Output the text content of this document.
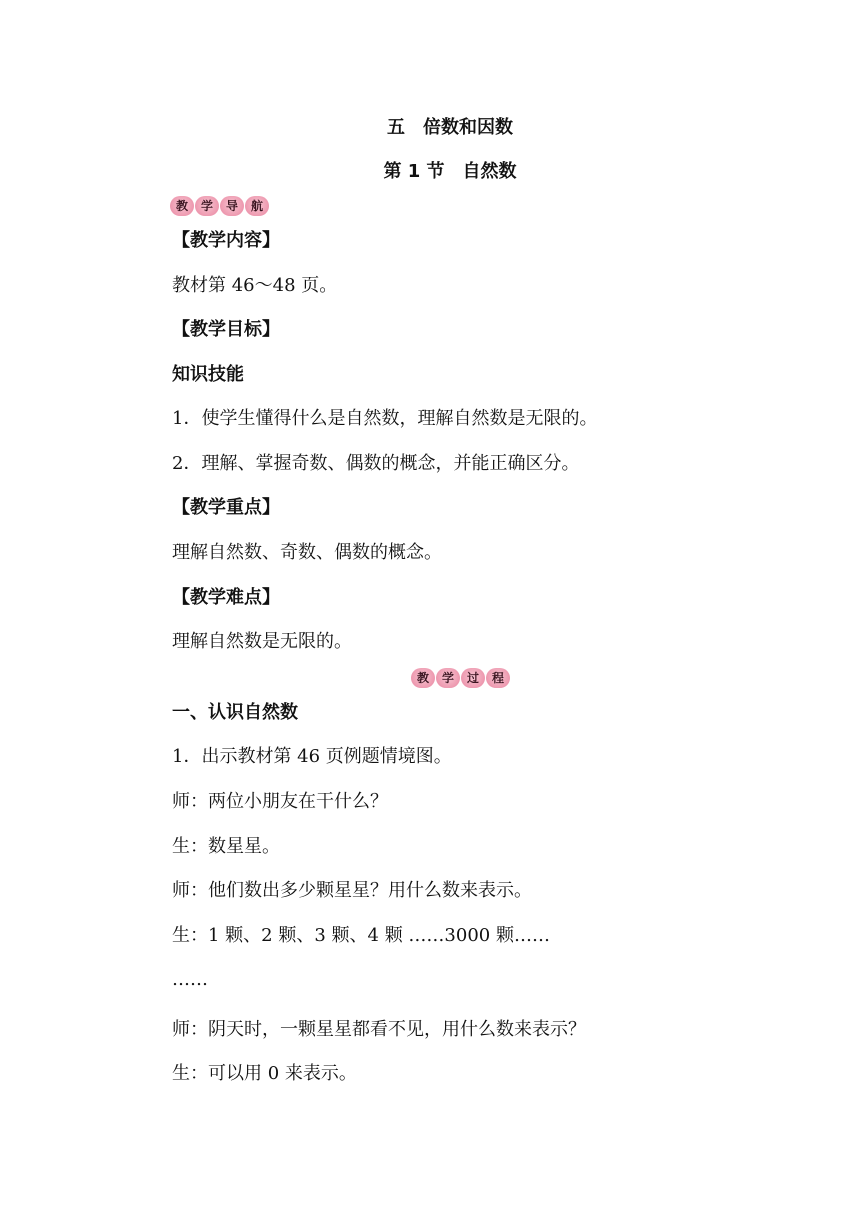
五　倍数和因数
第 1 节　自然数
教	学	导	航
【教学内容】
教材第 46～48 页。
【教学目标】
知识技能
1．使学生懂得什么是自然数，理解自然数是无限的。
2．理解、掌握奇数、偶数的概念，并能正确区分。
【教学重点】
理解自然数、奇数、偶数的概念。
【教学难点】
理解自然数是无限的。
教	学	过	程
一、认识自然数
1．出示教材第 46 页例题情境图。
师：两位小朋友在干什么？
生：数星星。
师：他们数出多少颗星星？用什么数来表示。
生：1 颗、2 颗、3 颗、4 颗 ……3000 颗……
……
师：阴天时，一颗星星都看不见，用什么数来表示？
生：可以用 0 来表示。
